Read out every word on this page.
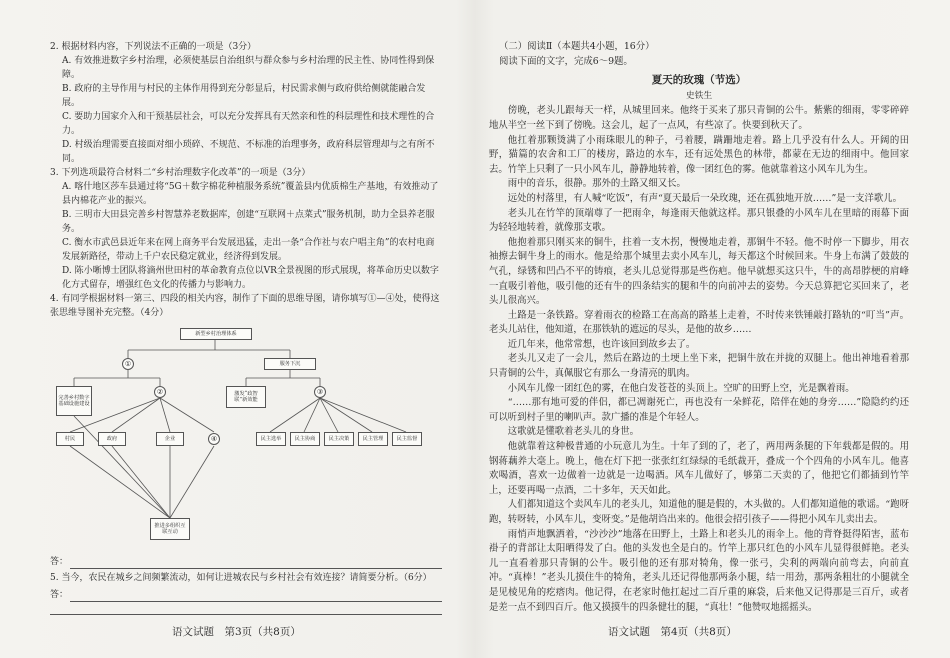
2. 根据材料内容，下列说法不正确的一项是（3分）

A. 有效推进数字乡村治理，必须使基层自治组织与群众参与乡村治理的民主性、协同性得到保障。

B. 政府的主导作用与村民的主体作用得到充分彰显后，村民需求侧与政府供给侧就能融合发展。

C. 要助力国家介入和干预基层社会，可以充分发挥具有天然亲和性的科层理性和技术理性的合力。

D. 村级治理需要直接面对细小琐碎、不规范、不标准的治理事务，政府科层管理却与之有所不同。

3. 下列选项最符合材料二“乡村治理数字化改革”的一项是（3分）

A. 喀什地区莎车县通过将“5G＋数字棉花种植服务系统”覆盖县内优质棉生产基地，有效推动了县内棉花产业的振兴。

B. 三明市大田县完善乡村智慧养老数据库，创建“互联网＋点菜式”服务机制，助力全县养老服务。

C. 衡水市武邑县近年来在网上商务平台发展迅猛，走出一条“合作社与农户唱主角”的农村电商发展新路径，带动上千户农民稳定就业，经济得到发展。

D. 陈小晰博士团队将滴州世田村的革命教育点位以VR全景视图的形式展现，将革命历史以数字化方式留存，增强红色文化的传播力与影响力。

4. 有同学根据材料一第三、四段的相关内容，制作了下面的思维导图，请你填写①—④处，使得这张思维导图补充完整。（4分）

新型乡村治理体系
①	服务下沉
完善乡村数字基础设施建设
②	激发“政智联”新效能
③
村民	政府	企业	④	民主选举	民主协商	民主决策	民主管理	民主监督
推进多组织互联互动
答：

5. 当今，农民在城乡之间频繁流动，如何让进城农民与乡村社会有效连接？请简要分析。（6分）

答：
语文试题　第3页（共8页）

（二）阅读Ⅱ（本题共4小题，16分）

阅读下面的文字，完成6～9题。

夏天的玫瑰（节选）

史铁生

傍晚，老头儿跟每天一样，从城里回来。他终于买来了那只青铜的公牛。紫紫的细雨，零零碎碎地从半空一丝下到了傍晚。这会儿，起了一点风，有些凉了。快要到秋天了。

他扛着那颗烫满了小雨珠眼儿的种子，弓着腰，蹒跚地走着。路上几乎没有什么人。开阔的田野，猫篇的农舍和工厂的楼房，路边的水车，还有远处黑色的林带，都蒙在无边的细雨中。他回家去。竹竿上只剩了一只小风车儿，静静地转着，像一团红色的雾。他就靠着这小风车儿为生。

雨中的音乐，很静。那外的土路又细又长。

远处的村落里，有人喊“吃饭”，有声“夏天最后一朵玫瑰，还在孤独地开放……”是一支洋歌儿。

老头儿在竹竿的顶端尊了一把雨伞，每逢雨天他就这样。那只银叠的小风车儿在里暗的雨幕下面为轻轻地转着，就像那支歌。

他抱着那只刚买来的铜牛，拄着一支木拐，慢慢地走着，那铜牛不轻。他不时停一下脚步，用衣袖擦去铜牛身上的雨水。他是给那个城里去卖小风车儿，每天都这个时候回来。牛身上布满了鼓鼓的气孔，绿锈和凹凸不平的铸痕，老头儿总觉得那是些伤疤。他早就想买这只牛，牛的高昂脖梗的肩峰一直吸引着他，吸引他的还有牛的四条结实的腿和牛的向前冲去的姿势。今天总算把它买回来了，老头儿很高兴。

土路是一条铁路。穿着雨衣的检路工在高高的路基上走着，不时传来铁锤敲打路轨的“叮当”声。老头儿站住，他知道，在那铁轨的遮远的尽头，是他的故乡……

近几年来，他常常想，也许该回到故乡去了。

老头儿又走了一会儿，然后在路边的土埂上坐下来，把铜牛放在并拢的双腿上。他出神地看着那只青铜的公牛，真佩服它有那么一身清亮的肌肉。

小风车儿像一团红色的雾，在他白发苍苍的头顶上。空旷的田野上空，光是飘着雨。

“……那有地可爱的伴侣，都已凋谢死亡，再也没有一朵鲜花，陪伴在她的身旁……”隐隐约约还可以听到村子里的喇叭声。款广播的准是个年轻人。

这歌就是懂歌着老头儿的身世。

他就靠着这种极普通的小玩意儿为生。十年了到的了，老了，两用两条腿的下年载都是假的。用钢蒋藕养大毫上。晚上，他在灯下把一张张红红绿绿的毛纸裁开，叠成一个个四角的小风车儿。他喜欢喝酒，喜欢一边做着一边就是一边喝酒。风车儿做好了，够第二天卖的了，他把它们都插到竹竿上，还要再喝一点酒，二十多年，天天如此。

人们都知道这个卖风车儿的老头儿，知道他的腿是假的，木头做的。人们都知道他的歌谣。“跑呀跑，转呀转，小风车儿，变呀变。”是他胡诌出来的。他很会招引孩子——得把小风车儿卖出去。

雨悄声地飘洒着，“沙沙沙”地落在田野上，土路上和老头儿的雨伞上。他的背脊挺得陌害，蓝布褂子的背部让太阳晒得发了白。他的头发也全是白的。竹竿上那只红色的小风车儿显得很鲜艳。老头儿一直看着那只青铜的公牛。吸引他的还有那对犄角，像一张弓，尖利的两端向前弯去，向前直冲。“真棒！”老头儿摸住牛的犄角，老头儿还记得他那两条小腿，结一用劲，那两条粗壮的小腿就全是见棱见角的疙瘩肉。他记得，在老家时他扛起过二百斤重的麻袋，后来他又记得那是三百斤，或者是差一点不到四百斤。他又摸摸牛的四条健壮的腿，“真壮！”他赞叹地摇摇头。

语文试题　第4页（共8页）
